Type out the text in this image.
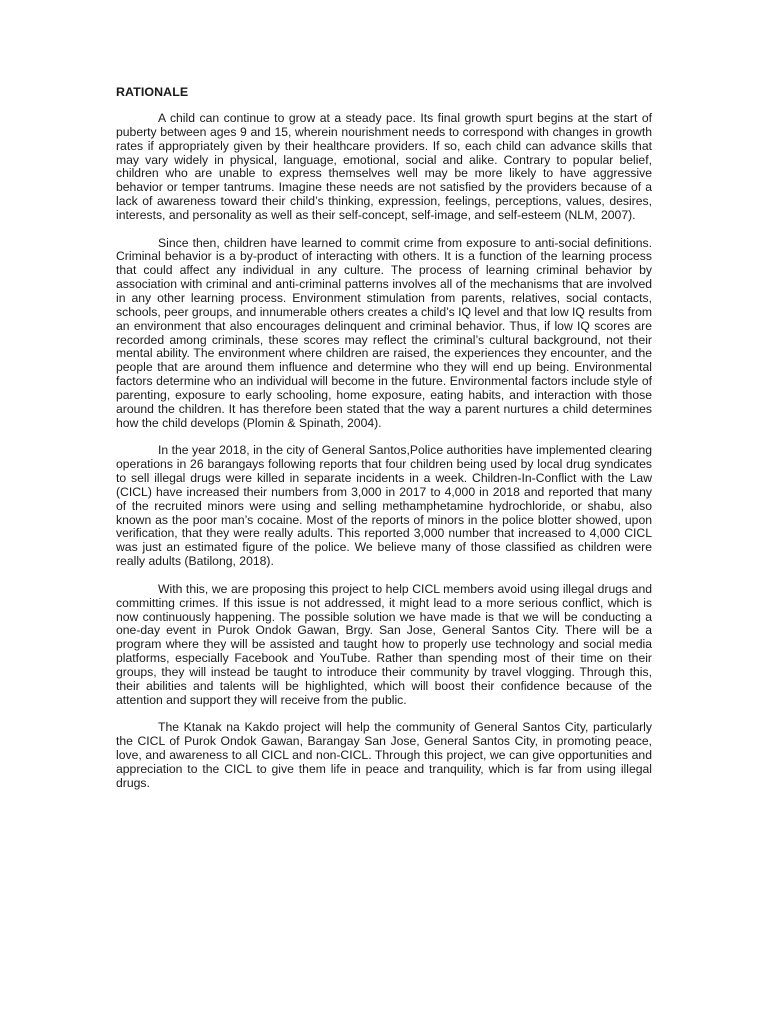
RATIONALE

A child can continue to grow at a steady pace. Its final growth spurt begins at the start of puberty between ages 9 and 15, wherein nourishment needs to correspond with changes in growth rates if appropriately given by their healthcare providers. If so, each child can advance skills that may vary widely in physical, language, emotional, social and alike. Contrary to popular belief, children who are unable to express themselves well may be more likely to have aggressive behavior or temper tantrums. Imagine these needs are not satisfied by the providers because of a lack of awareness toward their child’s thinking, expression, feelings, perceptions, values, desires, interests, and personality as well as their self-concept, self-image, and self-esteem (NLM, 2007).

Since then, children have learned to commit crime from exposure to anti-social definitions. Criminal behavior is a by-product of interacting with others. It is a function of the learning process that could affect any individual in any culture. The process of learning criminal behavior by association with criminal and anti-criminal patterns involves all of the mechanisms that are involved in any other learning process. Environment stimulation from parents, relatives, social contacts, schools, peer groups, and innumerable others creates a child’s IQ level and that low IQ results from an environment that also encourages delinquent and criminal behavior. Thus, if low IQ scores are recorded among criminals, these scores may reflect the criminal’s cultural background, not their mental ability. The environment where children are raised, the experiences they encounter, and the people that are around them influence and determine who they will end up being. Environmental factors determine who an individual will become in the future. Environmental factors include style of parenting, exposure to early schooling, home exposure, eating habits, and interaction with those around the children. It has therefore been stated that the way a parent nurtures a child determines how the child develops (Plomin & Spinath, 2004).

In the year 2018, in the city of General Santos,Police authorities have implemented clearing operations in 26 barangays following reports that four children being used by local drug syndicates to sell illegal drugs were killed in separate incidents in a week. Children-In-Conflict with the Law (CICL) have increased their numbers from 3,000 in 2017 to 4,000 in 2018 and reported that many of the recruited minors were using and selling methamphetamine hydrochloride, or shabu, also known as the poor man’s cocaine. Most of the reports of minors in the police blotter showed, upon verification, that they were really adults. This reported 3,000 number that increased to 4,000 CICL was just an estimated figure of the police. We believe many of those classified as children were really adults (Batilong, 2018).

With this, we are proposing this project to help CICL members avoid using illegal drugs and committing crimes. If this issue is not addressed, it might lead to a more serious conflict, which is now continuously happening. The possible solution we have made is that we will be conducting a one-day event in Purok Ondok Gawan, Brgy. San Jose, General Santos City. There will be a program where they will be assisted and taught how to properly use technology and social media platforms, especially Facebook and YouTube. Rather than spending most of their time on their groups, they will instead be taught to introduce their community by travel vlogging. Through this, their abilities and talents will be highlighted, which will boost their confidence because of the attention and support they will receive from the public.

The Ktanak na Kakdo project will help the community of General Santos City, particularly the CICL of Purok Ondok Gawan, Barangay San Jose, General Santos City, in promoting peace, love, and awareness to all CICL and non-CICL. Through this project, we can give opportunities and appreciation to the CICL to give them life in peace and tranquility, which is far from using illegal drugs.
